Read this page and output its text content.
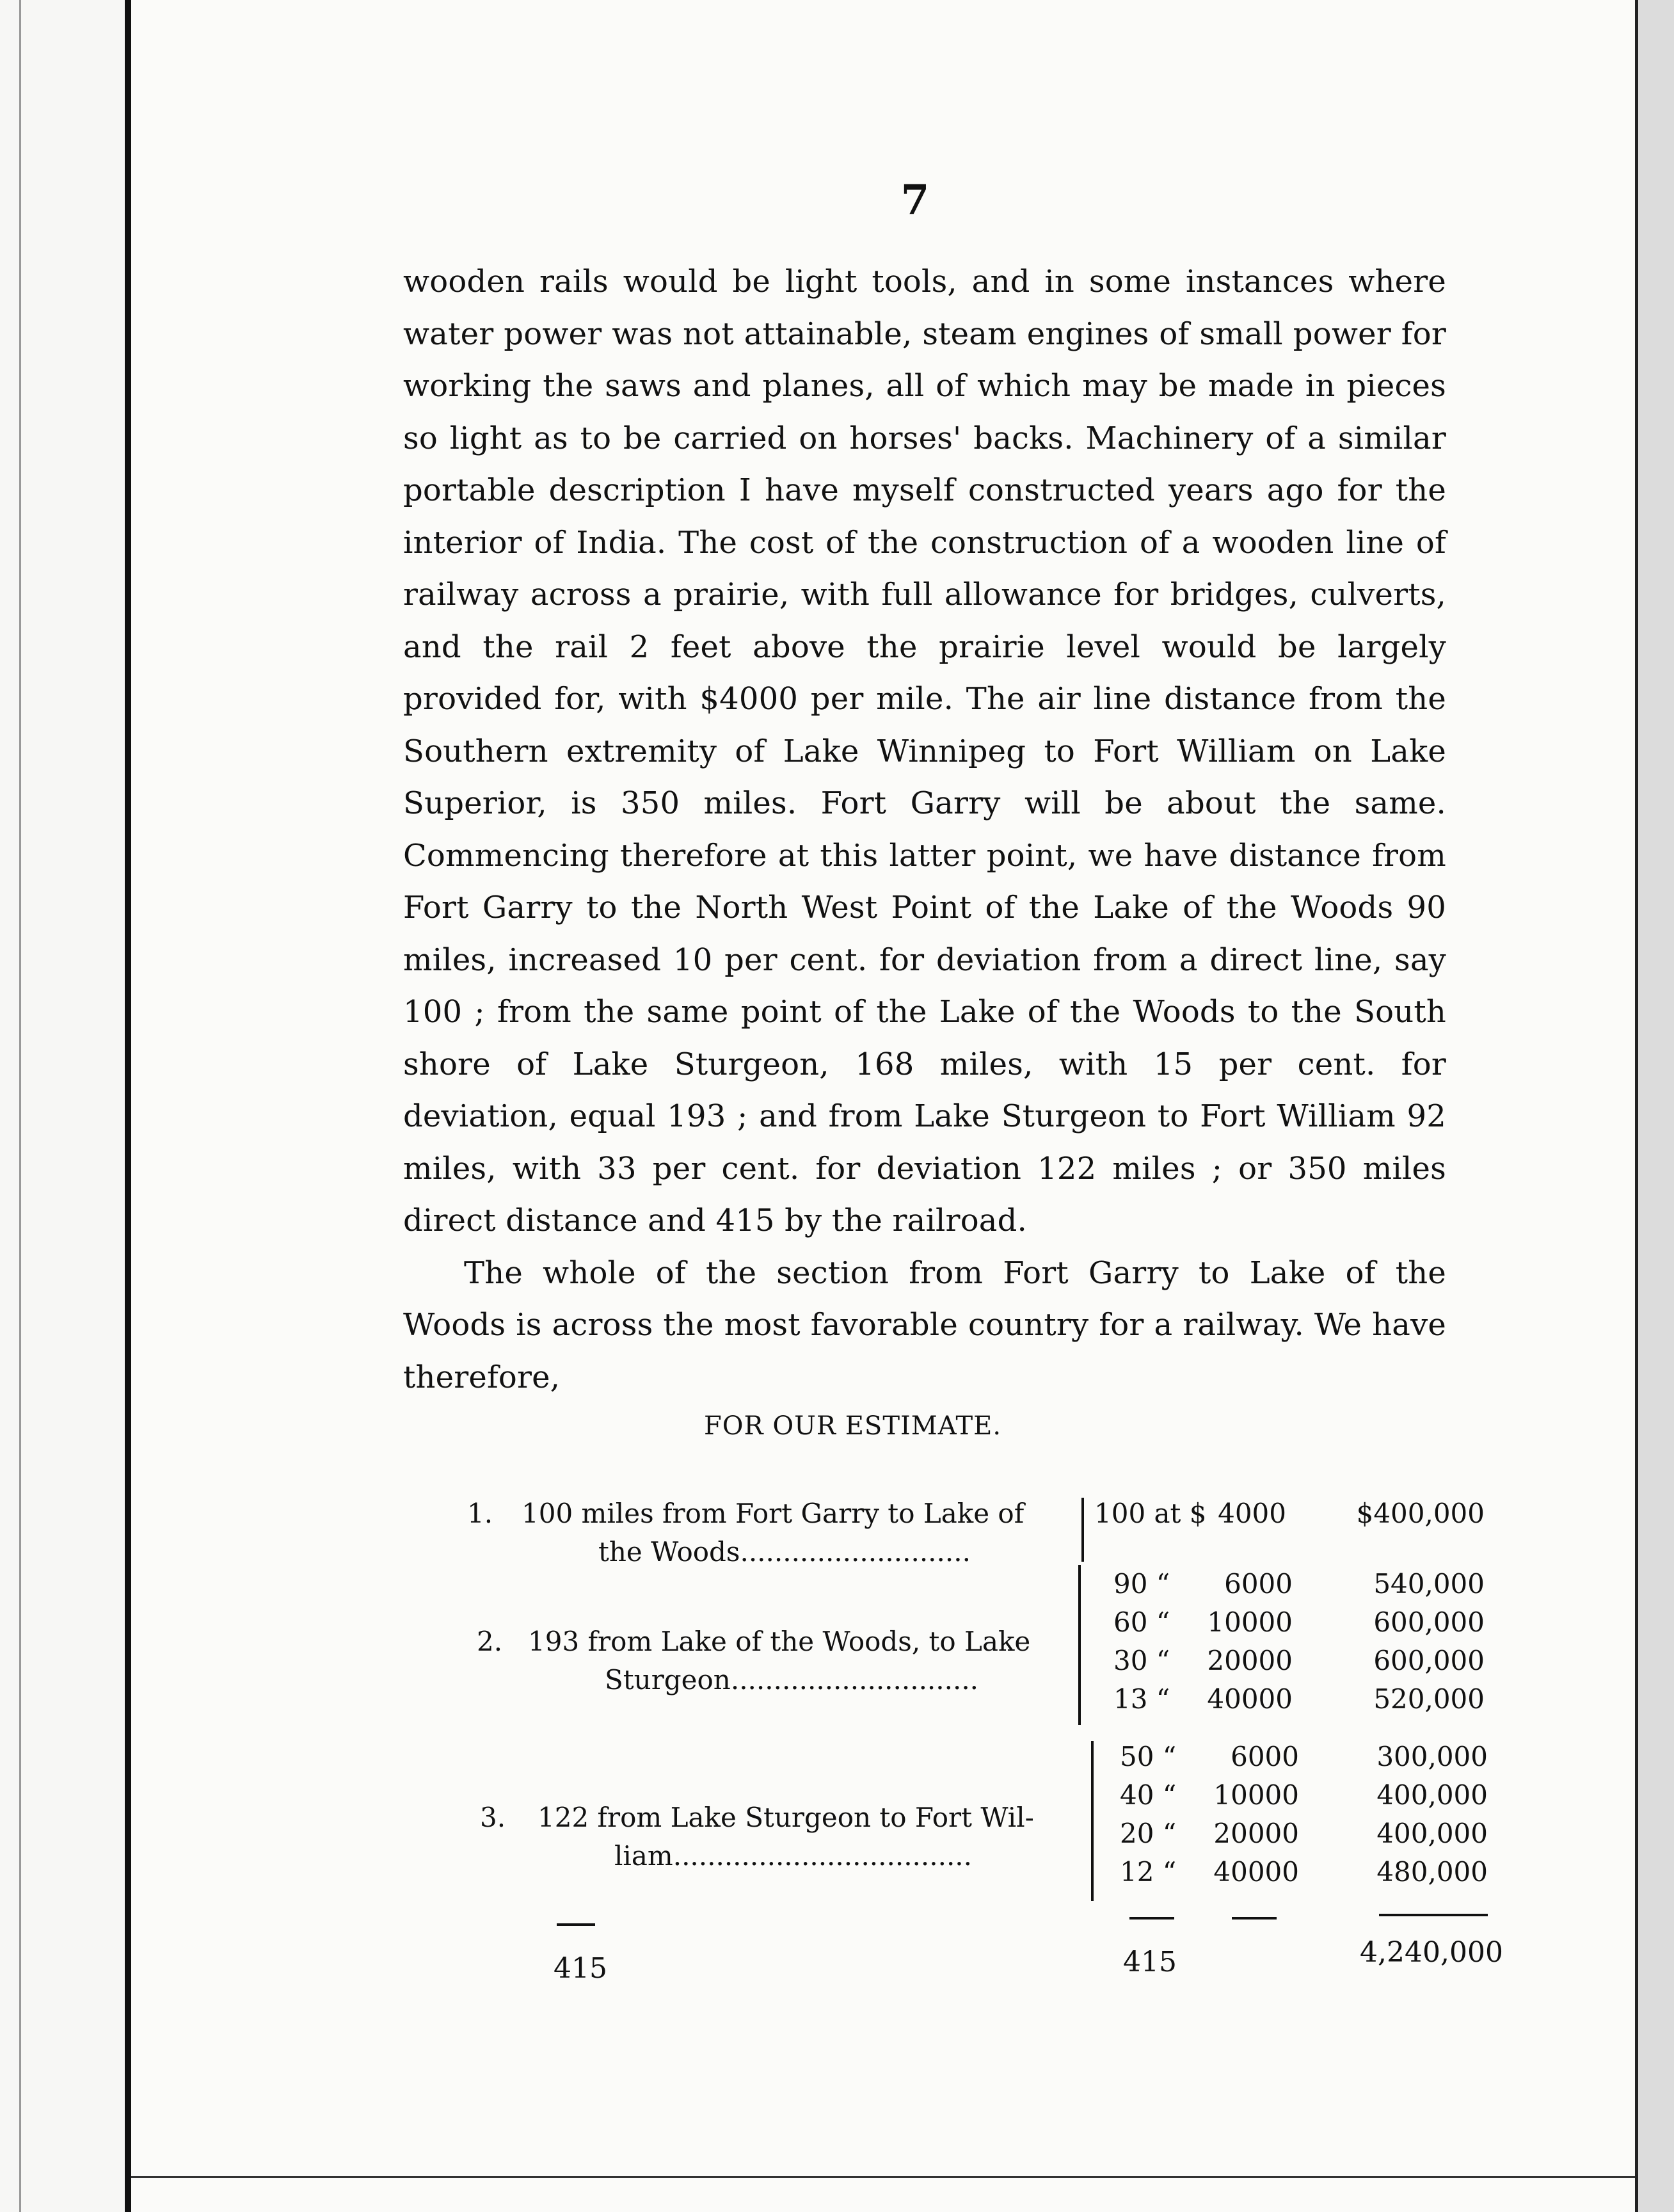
7

wooden rails would be light tools, and in some instances where water power was not attainable, steam engines of small power for working the saws and planes, all of which may be made in pieces so light as to be carried on horses' backs. Machinery of a similar portable description I have myself constructed years ago for the interior of India. The cost of the construction of a wooden line of railway across a prairie, with full allowance for bridges, culverts, and the rail 2 feet above the prairie level would be largely provided for, with $4000 per mile. The air line distance from the Southern extremity of Lake Winnipeg to Fort William on Lake Superior, is 350 miles. Fort Garry will be about the same. Commencing therefore at this latter point, we have distance from Fort Garry to the North West Point of the Lake of the Woods 90 miles, increased 10 per cent. for deviation from a direct line, say 100 ; from the same point of the Lake of the Woods to the South shore of Lake Sturgeon, 168 miles, with 15 per cent. for deviation, equal 193 ; and from Lake Sturgeon to Fort William 92 miles, with 33 per cent. for deviation 122 miles ; or 350 miles direct distance and 415 by the railroad.

The whole of the section from Fort Garry to Lake of the Woods is across the most favorable country for a railway. We have therefore,

FOR OUR ESTIMATE.
1. 100 miles from Fort Garry to Lake of
the Woods...........................
100 at $ 4000	$400,000
2. 193 from Lake of the Woods, to Lake
Sturgeon.............................
90 “	6000	540,000
60 “	10000	600,000
30 “	20000	600,000
13 “	40000	520,000
3. 122 from Lake Sturgeon to Fort Wil-
liam...................................
50 “	6000	300,000
40 “	10000	400,000
20 “	20000	400,000
12 “	40000	480,000
415	415	4,240,000
